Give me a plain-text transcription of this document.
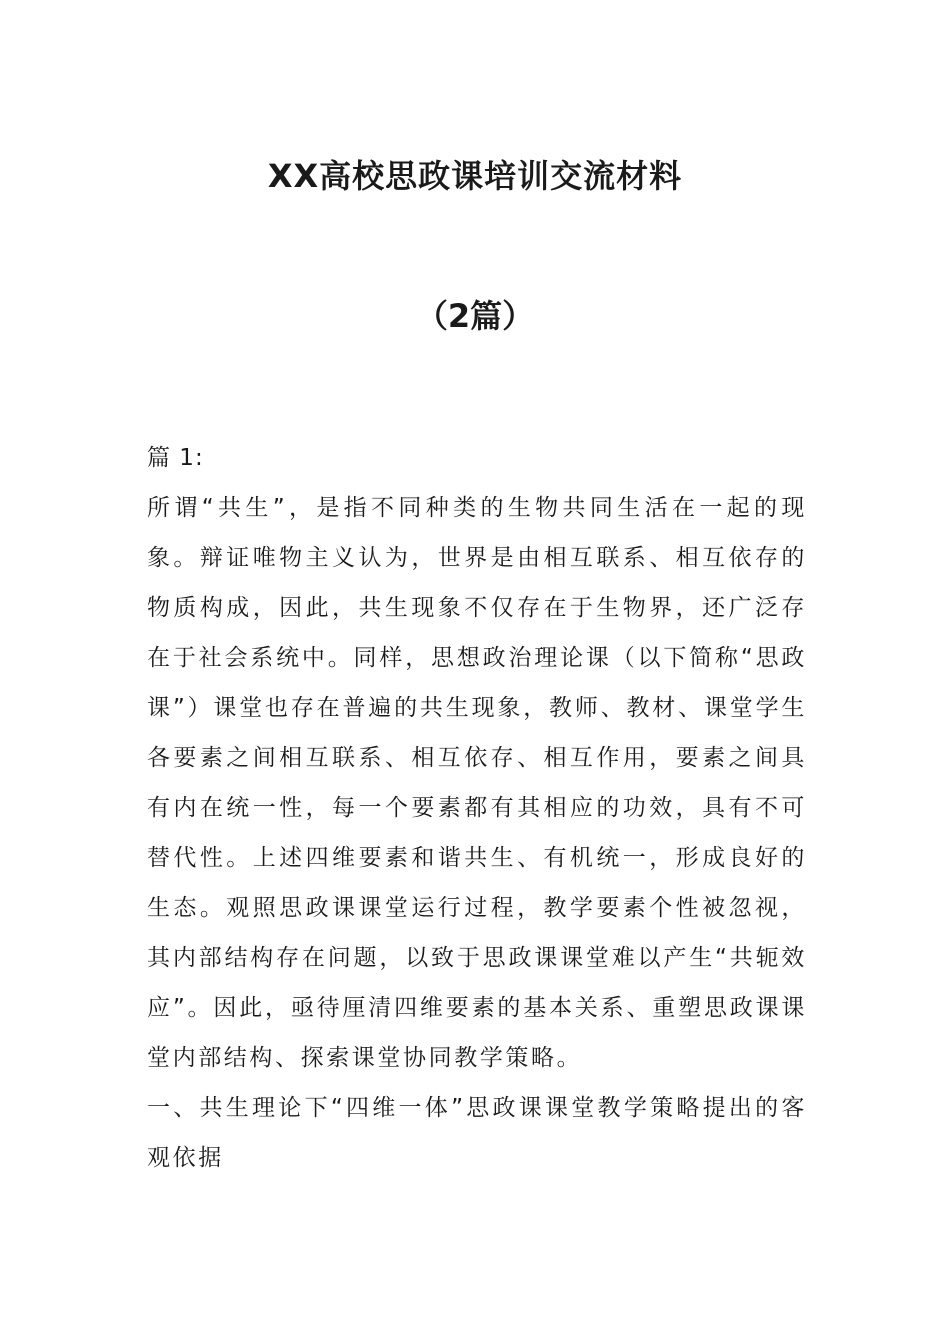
XX高校思政课培训交流材料
（2篇）

篇 1:

所谓“共生”，是指不同种类的生物共同生活在一起的现象。辩证唯物主义认为，世界是由相互联系、相互依存的物质构成，因此，共生现象不仅存在于生物界，还广泛存在于社会系统中。同样，思想政治理论课（以下简称“思政课”）课堂也存在普遍的共生现象，教师、教材、课堂学生各要素之间相互联系、相互依存、相互作用，要素之间具有内在统一性，每一个要素都有其相应的功效，具有不可替代性。上述四维要素和谐共生、有机统一，形成良好的生态。观照思政课课堂运行过程，教学要素个性被忽视，其内部结构存在问题，以致于思政课课堂难以产生“共轭效应”。因此，亟待厘清四维要素的基本关系、重塑思政课课堂内部结构、探索课堂协同教学策略。

一、共生理论下“四维一体”思政课课堂教学策略提出的客观依据
